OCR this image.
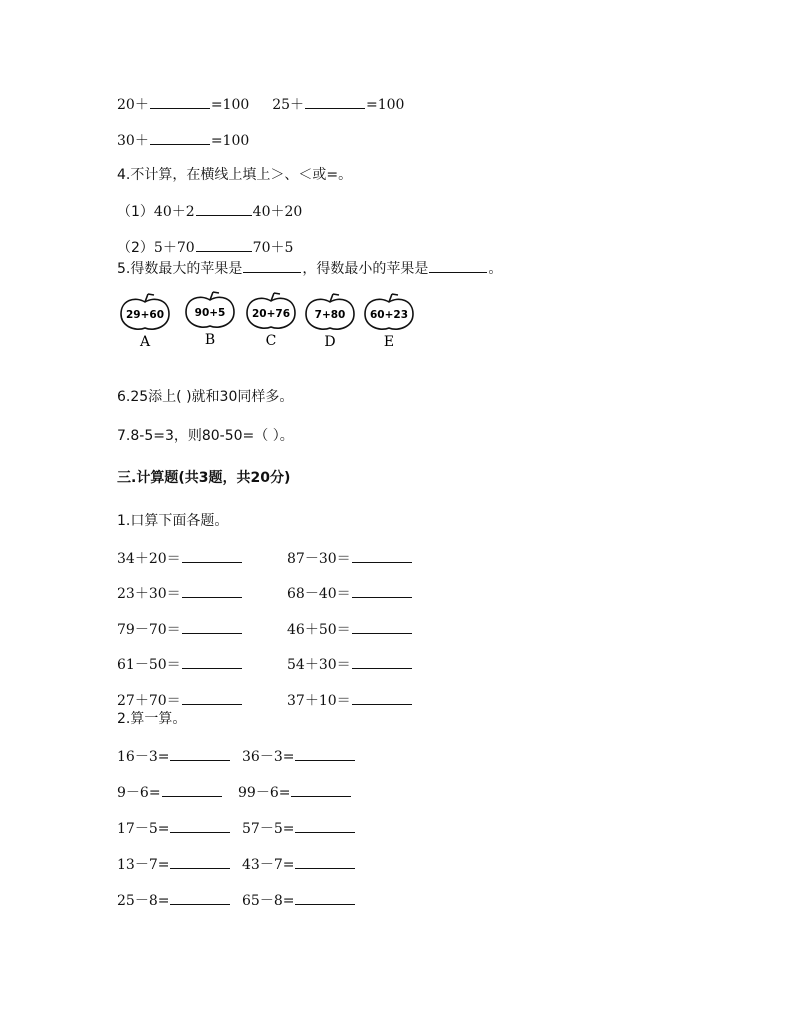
20＋	=100 25＋	=100
30＋	=100
4.不计算，在横线上填上＞、＜或=。
（1）40＋2	40＋20
（2）5＋70	70＋5
5.得数最大的苹果是	，得数最小的苹果是	。
29+60
A
90+5
B
20+76
C
7+80
D
60+23
E
6.25添上( )就和30同样多。
7.8-5=3，则80-50=（ ）。
三.计算题(共3题，共20分)
1.口算下面各题。
34＋20＝	87－30＝
23＋30＝	68－40＝
79－70＝	46＋50＝
61－50＝	54＋30＝
27＋70＝	37＋10＝
2.算一算。
16－3=	36－3=
9－6=	99－6=
17－5=	57－5=
13－7=	43－7=
25－8=	65－8=
